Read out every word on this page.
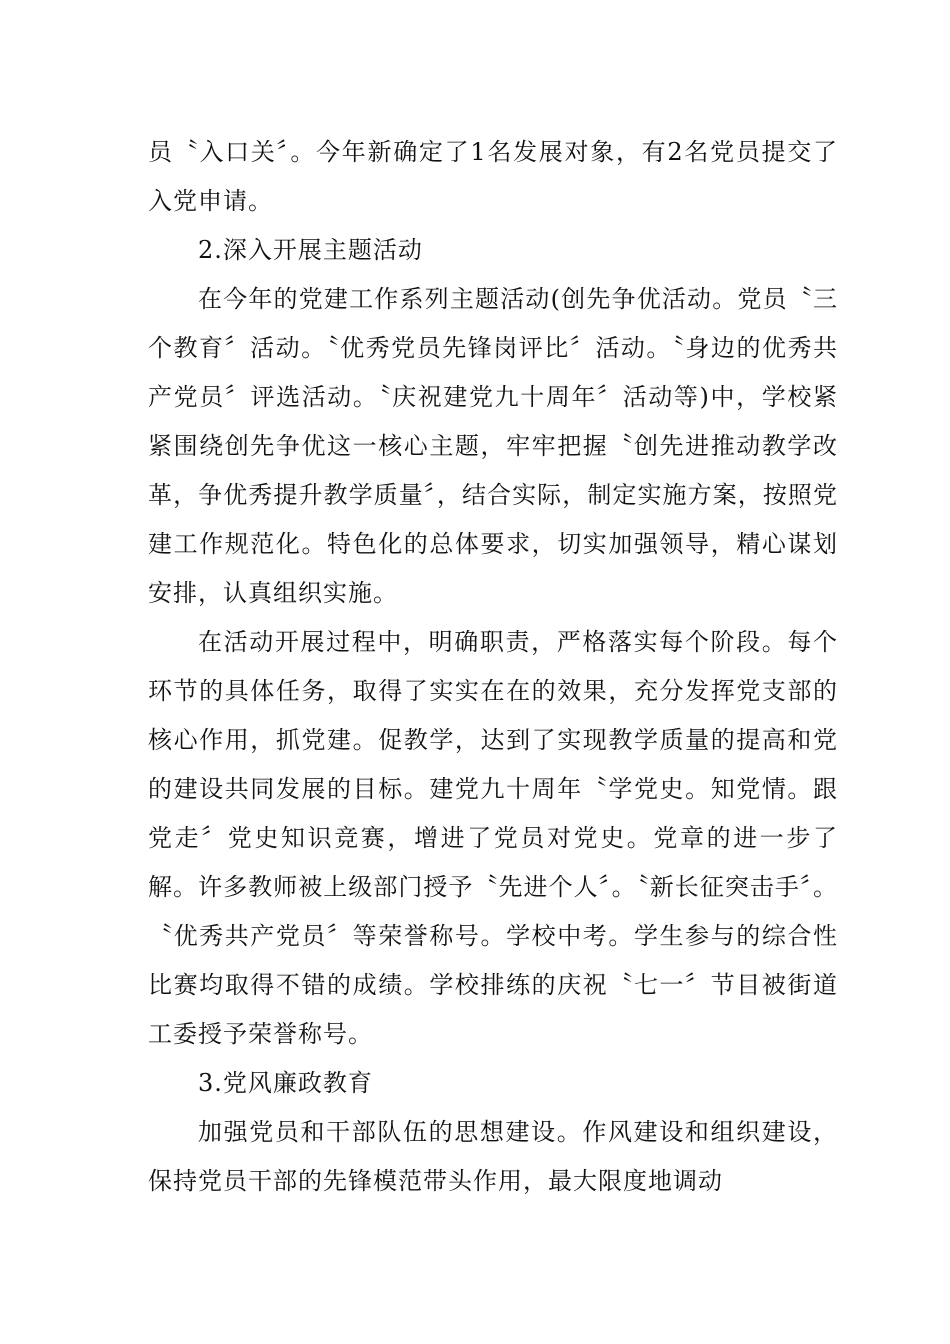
员〝入口关〞。今年新确定了1名发展对象，有2名党员提交了入党申请。

2.深入开展主题活动

在今年的党建工作系列主题活动(创先争优活动。党员〝三个教育〞活动。〝优秀党员先锋岗评比〞活动。〝身边的优秀共产党员〞评选活动。〝庆祝建党九十周年〞活动等)中，学校紧紧围绕创先争优这一核心主题，牢牢把握〝创先进推动教学改革，争优秀提升教学质量〞，结合实际，制定实施方案，按照党建工作规范化。特色化的总体要求，切实加强领导，精心谋划安排，认真组织实施。

在活动开展过程中，明确职责，严格落实每个阶段。每个环节的具体任务，取得了实实在在的效果，充分发挥党支部的核心作用，抓党建。促教学，达到了实现教学质量的提高和党的建设共同发展的目标。建党九十周年〝学党史。知党情。跟党走〞党史知识竞赛，增进了党员对党史。党章的进一步了解。许多教师被上级部门授予〝先进个人〞。〝新长征突击手〞。〝优秀共产党员〞等荣誉称号。学校中考。学生参与的综合性比赛均取得不错的成绩。学校排练的庆祝〝七一〞节目被街道工委授予荣誉称号。

3.党风廉政教育

加强党员和干部队伍的思想建设。作风建设和组织建设，保持党员干部的先锋模范带头作用，最大限度地调动
